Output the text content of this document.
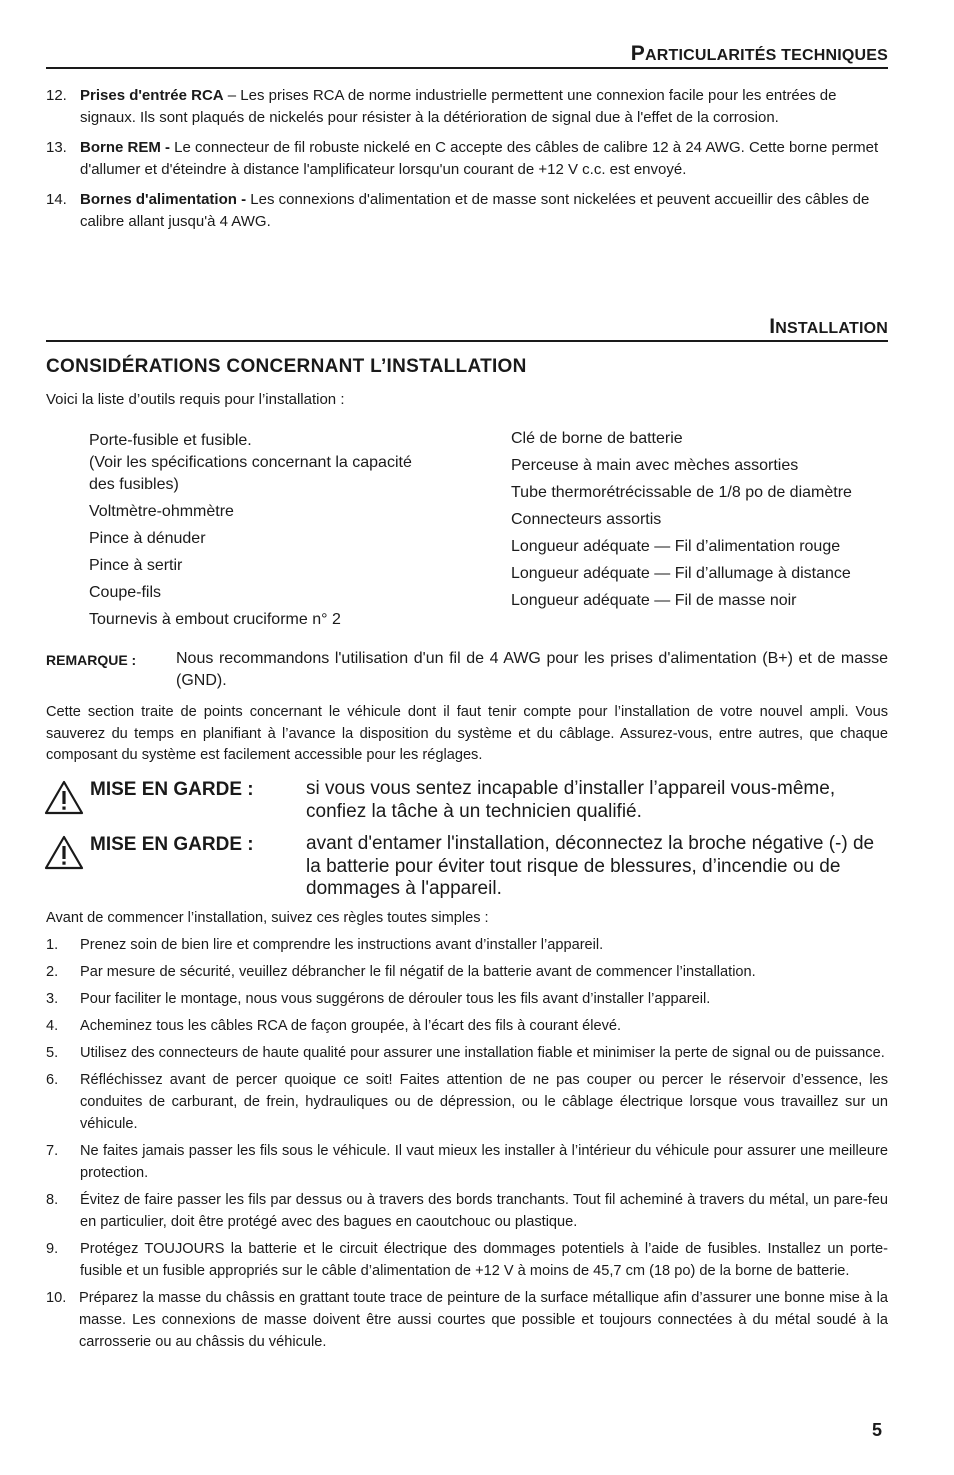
PARTICULARITÉS TECHNIQUES
12. Prises d'entrée RCA – Les prises RCA de norme industrielle permettent une connexion facile pour les entrées de signaux. Ils sont plaqués de nickelés pour résister à la détérioration de signal due à l'effet de la corrosion.
13. Borne REM - Le connecteur de fil robuste nickelé en C accepte des câbles de calibre 12 à 24 AWG. Cette borne permet d'allumer et d'éteindre à distance l'amplificateur lorsqu'un courant de +12 V c.c. est envoyé.
14. Bornes d'alimentation - Les connexions d'alimentation et de masse sont nickelées et peuvent accueillir des câbles de calibre allant jusqu'à 4 AWG.
INSTALLATION
CONSIDÉRATIONS CONCERNANT L’INSTALLATION
Voici la liste d’outils requis pour l’installation :
Porte-fusible et fusible.
(Voir les spécifications concernant la capacité des fusibles)
Voltmètre-ohmmètre
Pince à dénuder
Pince à sertir
Coupe-fils
Tournevis à embout cruciforme n° 2
Clé de borne de batterie
Perceuse à main avec mèches assorties
Tube thermorétrécissable de 1/8 po de diamètre
Connecteurs assortis
Longueur adéquate — Fil d’alimentation rouge
Longueur adéquate — Fil d’allumage à distance
Longueur adéquate — Fil de masse noir
REMARQUE : Nous recommandons l'utilisation d'un fil de 4 AWG pour les prises d'alimentation (B+) et de masse (GND).
Cette section traite de points concernant le véhicule dont il faut tenir compte pour l’installation de votre nouvel ampli. Vous sauverez du temps en planifiant à l’avance la disposition du système et du câblage. Assurez-vous, entre autres, que chaque composant du système est facilement accessible pour les réglages.
MISE EN GARDE :	si vous vous sentez incapable d’installer l’appareil vous-même, confiez la tâche à un technicien qualifié.
MISE EN GARDE :	avant d'entamer l'installation, déconnectez la broche négative (-) de la batterie pour éviter tout risque de blessures, d’incendie ou de dommages à l'appareil.
Avant de commencer l’installation, suivez ces règles toutes simples :
1. Prenez soin de bien lire et comprendre les instructions avant d’installer l’appareil.
2. Par mesure de sécurité, veuillez débrancher le fil négatif de la batterie avant de commencer l’installation.
3. Pour faciliter le montage, nous vous suggérons de dérouler tous les fils avant d’installer l’appareil.
4. Acheminez tous les câbles RCA de façon groupée, à l’écart des fils à courant élevé.
5. Utilisez des connecteurs de haute qualité pour assurer une installation fiable et minimiser la perte de signal ou de puissance.
6. Réfléchissez avant de percer quoique ce soit! Faites attention de ne pas couper ou percer le réservoir d’essence, les conduites de carburant, de frein, hydrauliques ou de dépression, ou le câblage électrique lorsque vous travaillez sur un véhicule.
7. Ne faites jamais passer les fils sous le véhicule. Il vaut mieux les installer à l’intérieur du véhicule pour assurer une meilleure protection.
8. Évitez de faire passer les fils par dessus ou à travers des bords tranchants. Tout fil acheminé à travers du métal, un pare-feu en particulier, doit être protégé avec des bagues en caoutchouc ou plastique.
9. Protégez TOUJOURS la batterie et le circuit électrique des dommages potentiels à l’aide de fusibles. Installez un porte-fusible et un fusible appropriés sur le câble d’alimentation de +12 V à moins de 45,7 cm (18 po) de la borne de batterie.
10. Préparez la masse du châssis en grattant toute trace de peinture de la surface métallique afin d’assurer une bonne mise à la masse. Les connexions de masse doivent être aussi courtes que possible et toujours connectées à du métal soudé à la carrosserie ou au châssis du véhicule.
5
